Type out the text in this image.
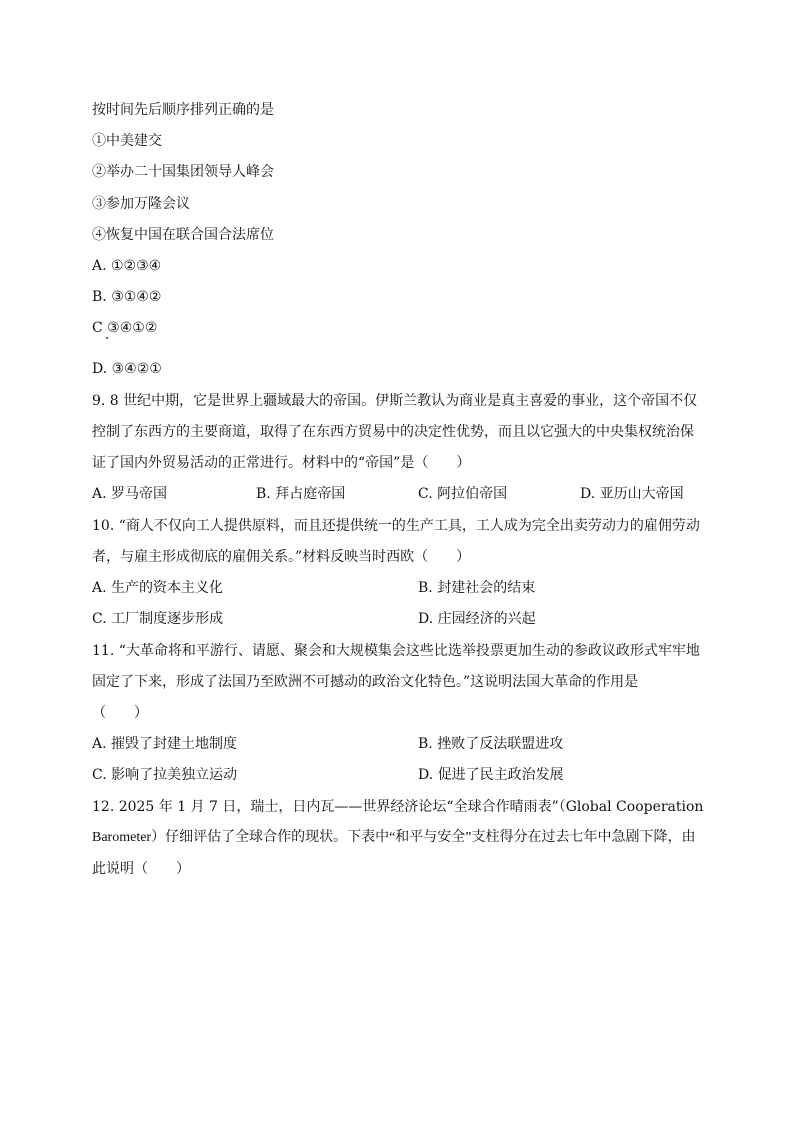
按时间先后顺序排列正确的是
①中美建交
②举办二十国集团领导人峰会
③参加万隆会议
④恢复中国在联合国合法席位
A. ①②③④
B. ③①④②
C ③④①②
D. ③④②①
9. 8 世纪中期，它是世界上疆域最大的帝国。伊斯兰教认为商业是真主喜爱的事业，这个帝国不仅
控制了东西方的主要商道，取得了在东西方贸易中的决定性优势，而且以它强大的中央集权统治保
证了国内外贸易活动的正常进行。材料中的“帝国”是（　　）
A. 罗马帝国	B. 拜占庭帝国	C. 阿拉伯帝国	D. 亚历山大帝国
10. “商人不仅向工人提供原料，而且还提供统一的生产工具，工人成为完全出卖劳动力的雇佣劳动
者，与雇主形成彻底的雇佣关系。”材料反映当时西欧（　　）
A. 生产的资本主义化	B. 封建社会的结束
C. 工厂制度逐步形成	D. 庄园经济的兴起
11. “大革命将和平游行、请愿、聚会和大规模集会这些比选举投票更加生动的参政议政形式牢牢地
固定了下来，形成了法国乃至欧洲不可撼动的政治文化特色。”这说明法国大革命的作用是
（　　）
A. 摧毁了封建土地制度	B. 挫败了反法联盟进攻
C. 影响了拉美独立运动	D. 促进了民主政治发展
12. 2025 年 1 月 7 日，瑞士，日内瓦——世界经济论坛“全球合作晴雨表”（Global Cooperation
Barometer）仔细评估了全球合作的现状。下表中“和平与安全”支柱得分在过去七年中急剧下降，由
此说明（　　）
